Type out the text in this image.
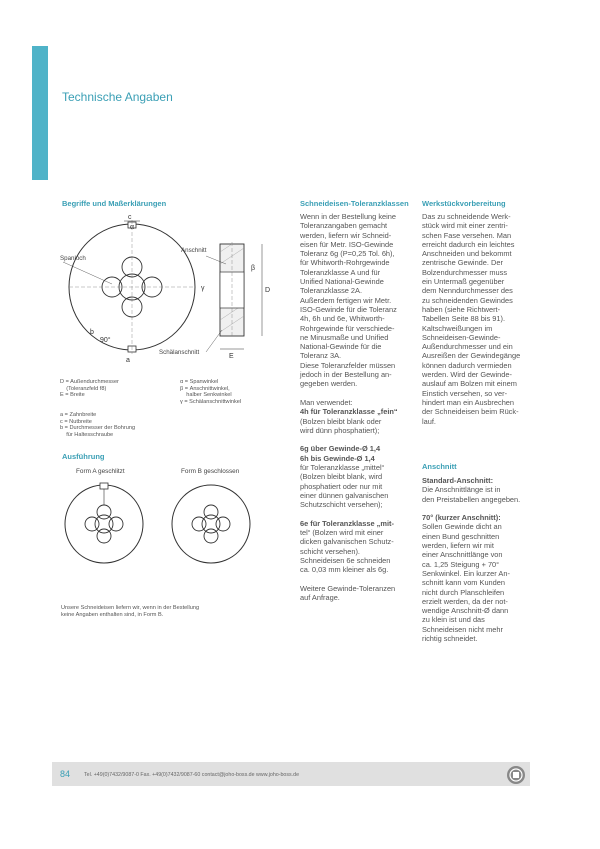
Technische Angaben
Begriffe und Maßerklärungen
c
α
a
90°
b
D
E
β
γ
Spanloch
Anschnitt
Schälanschnitt

D = Außendurchmesser
(Toleranzfeld f8)
E = Breite

a = Zahnbreite
c = Nutbreite
b = Durchmesser der Bohrung
für Haltesschraube

α = Spanwinkel
β = Anschnittwinkel,
halber Senkwinkel
γ = Schälanschnittwinkel

Ausführung
Form A geschlitzt	Form B geschlossen

Unsere Schneideisen liefern wir, wenn in der Bestellung
keine Angaben enthalten sind, in Form B.

Schneideisen-Toleranzklassen

Wenn in der Bestellung keine

Toleranzangaben gemacht

werden, liefern wir Schneid-

eisen für Metr. ISO-Gewinde

Toleranz 6g (P=0,25 Tol. 6h),

für Whitworth-Rohrgewinde

Toleranzklasse A und für

Unified National-Gewinde

Toleranzklasse 2A.

Außerdem fertigen wir Metr.

ISO-Gewinde für die Toleranz

4h, 6h und 6e, Whitworth-

Rohrgewinde für verschiede-

ne Minusmaße und Unified

National-Gewinde für die

Toleranz 3A.

Diese Toleranzfelder müssen

jedoch in der Bestellung an-

gegeben werden.

Man verwendet:

4h für Toleranzklasse „fein“

(Bolzen bleibt blank oder

wird dünn phosphatiert);

6g über Gewinde-Ø 1,4

6h bis Gewinde-Ø 1,4

für Toleranzklasse „mittel“

(Bolzen bleibt blank, wird

phosphatiert oder nur mit

einer dünnen galvanischen

Schutzschicht versehen);

6e für Toleranzklasse „mit-

tel“ (Bolzen wird mit einer

dicken galvanischen Schutz-

schicht versehen).

Schneideisen 6e schneiden

ca. 0,03 mm kleiner als 6g.

Weitere Gewinde-Toleranzen

auf Anfrage.

Werkstückvorbereitung

Das zu schneidende Werk-

stück wird mit einer zentri-

schen Fase versehen. Man

erreicht dadurch ein leichtes

Anschneiden und bekommt

zentrische Gewinde. Der

Bolzendurchmesser muss

ein Untermaß gegenüber

dem Nenndurchmesser des

zu schneidenden Gewindes

haben (siehe Richtwert-

Tabellen Seite 88 bis 91).

Kaltschweißungen im

Schneideisen-Gewinde-

Außendurchmesser und ein

Ausreißen der Gewindegänge

können dadurch vermieden

werden. Wird der Gewinde-

auslauf am Bolzen mit einem

Einstich versehen, so ver-

hindert man ein Ausbrechen

der Schneideisen beim Rück-

lauf.

Anschnitt

Standard-Anschnitt:

Die Anschnittlänge ist in

den Preistabellen angegeben.

70° (kurzer Anschnitt):

Sollen Gewinde dicht an

einen Bund geschnitten

werden, liefern wir mit

einer Anschnittlänge von

ca. 1,25 Steigung + 70°

Senkwinkel. Ein kurzer An-

schnitt kann vom Kunden

nicht durch Planschleifen

erzielt werden, da der not-

wendige Anschnitt-Ø dann

zu klein ist und das

Schneideisen nicht mehr

richtig schneidet.

84	Tel. +49(0)7432/9087-0 Fax. +49(0)7432/9087-60 contact@joho-boss.de www.joho-boss.de
